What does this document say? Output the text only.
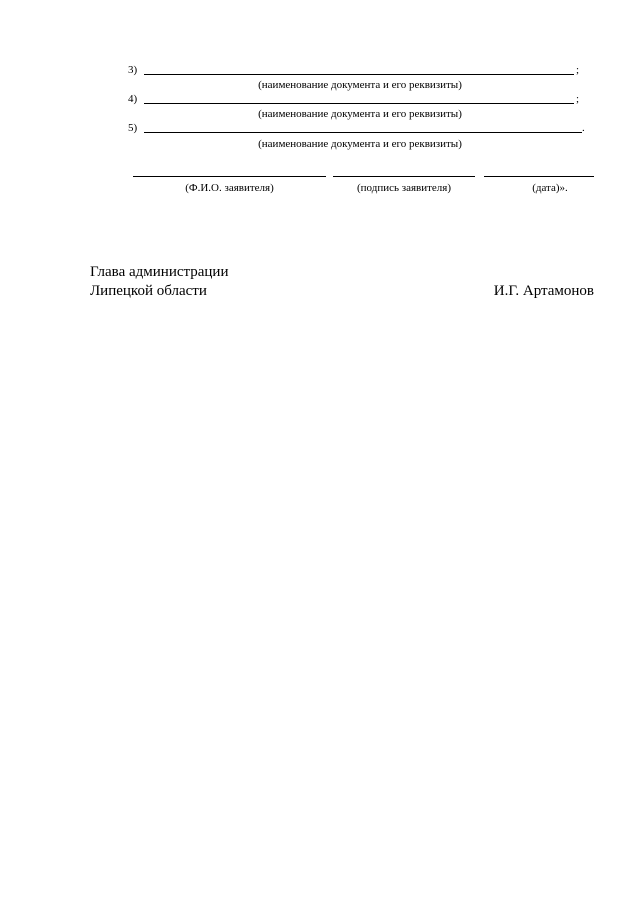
3)	;
(наименование документа и его реквизиты)
4)	;
(наименование документа и его реквизиты)
5)	.
(наименование документа и его реквизиты)
(Ф.И.О. заявителя)	(подпись заявителя)	(дата)».
Глава администрации
Липецкой области	И.Г. Артамонов
